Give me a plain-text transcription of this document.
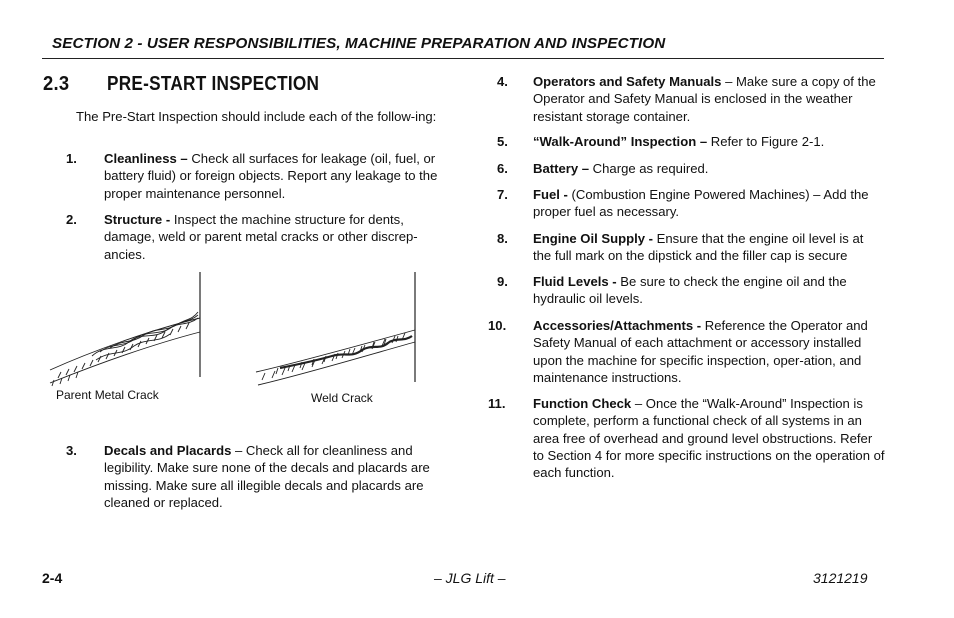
SECTION 2 - USER RESPONSIBILITIES, MACHINE PREPARATION AND INSPECTION
2.3 PRE-START INSPECTION
The Pre-Start Inspection should include each of the follow-ing:
1. Cleanliness – Check all surfaces for leakage (oil, fuel, or battery fluid) or foreign objects. Report any leakage to the proper maintenance personnel.
2. Structure - Inspect the machine structure for dents, damage, weld or parent metal cracks or other discrep-ancies.
Parent Metal Crack	Weld Crack
3. Decals and Placards – Check all for cleanliness and legibility. Make sure none of the decals and placards are missing. Make sure all illegible decals and placards are cleaned or replaced.
4. Operators and Safety Manuals – Make sure a copy of the Operator and Safety Manual is enclosed in the weather resistant storage container.
5. “Walk-Around” Inspection – Refer to Figure 2-1.
6. Battery – Charge as required.
7. Fuel - (Combustion Engine Powered Machines) – Add the proper fuel as necessary.
8. Engine Oil Supply - Ensure that the engine oil level is at the full mark on the dipstick and the filler cap is secure
9. Fluid Levels - Be sure to check the engine oil and the hydraulic oil levels.
10. Accessories/Attachments - Reference the Operator and Safety Manual of each attachment or accessory installed upon the machine for specific inspection, oper-ation, and maintenance instructions.
11. Function Check – Once the “Walk-Around” Inspection is complete, perform a functional check of all systems in an area free of overhead and ground level obstructions. Refer to Section 4 for more specific instructions on the operation of each function.
2-4	– JLG Lift –	3121219
